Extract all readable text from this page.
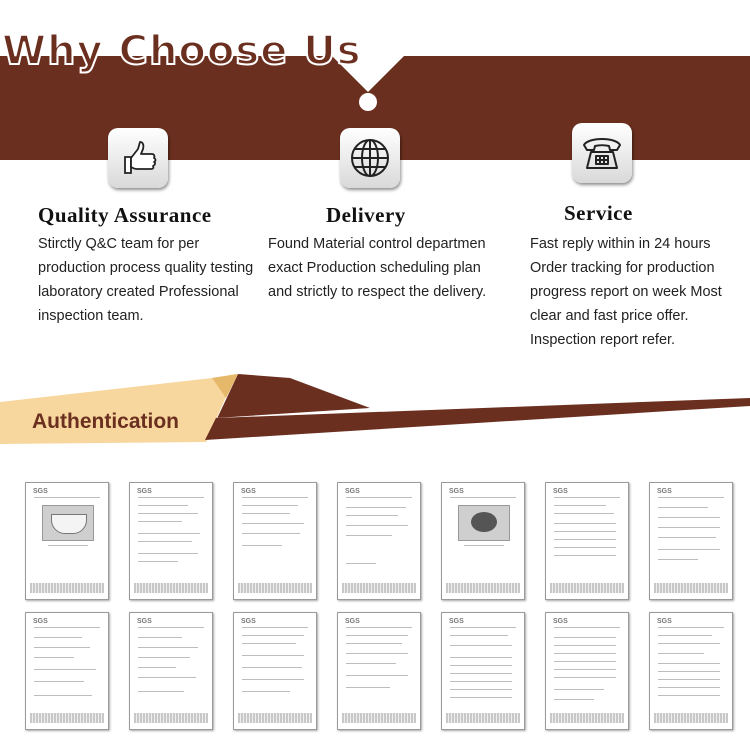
Why Choose Us
Quality Assurance	Delivery	Service
Stirctly Q&C team for per
production process quality testing
laboratory created Professional
inspection team.
Found Material control departmen
exact Production scheduling plan
and strictly to respect the delivery.
Fast reply within in 24 hours
Order tracking for production
progress report on week Most
clear and fast price offer.
Inspection report refer.
Authentication
SGS	SGS	SGS	SGS	SGS	SGS	SGS
SGS	SGS	SGS	SGS	SGS	SGS	SGS
